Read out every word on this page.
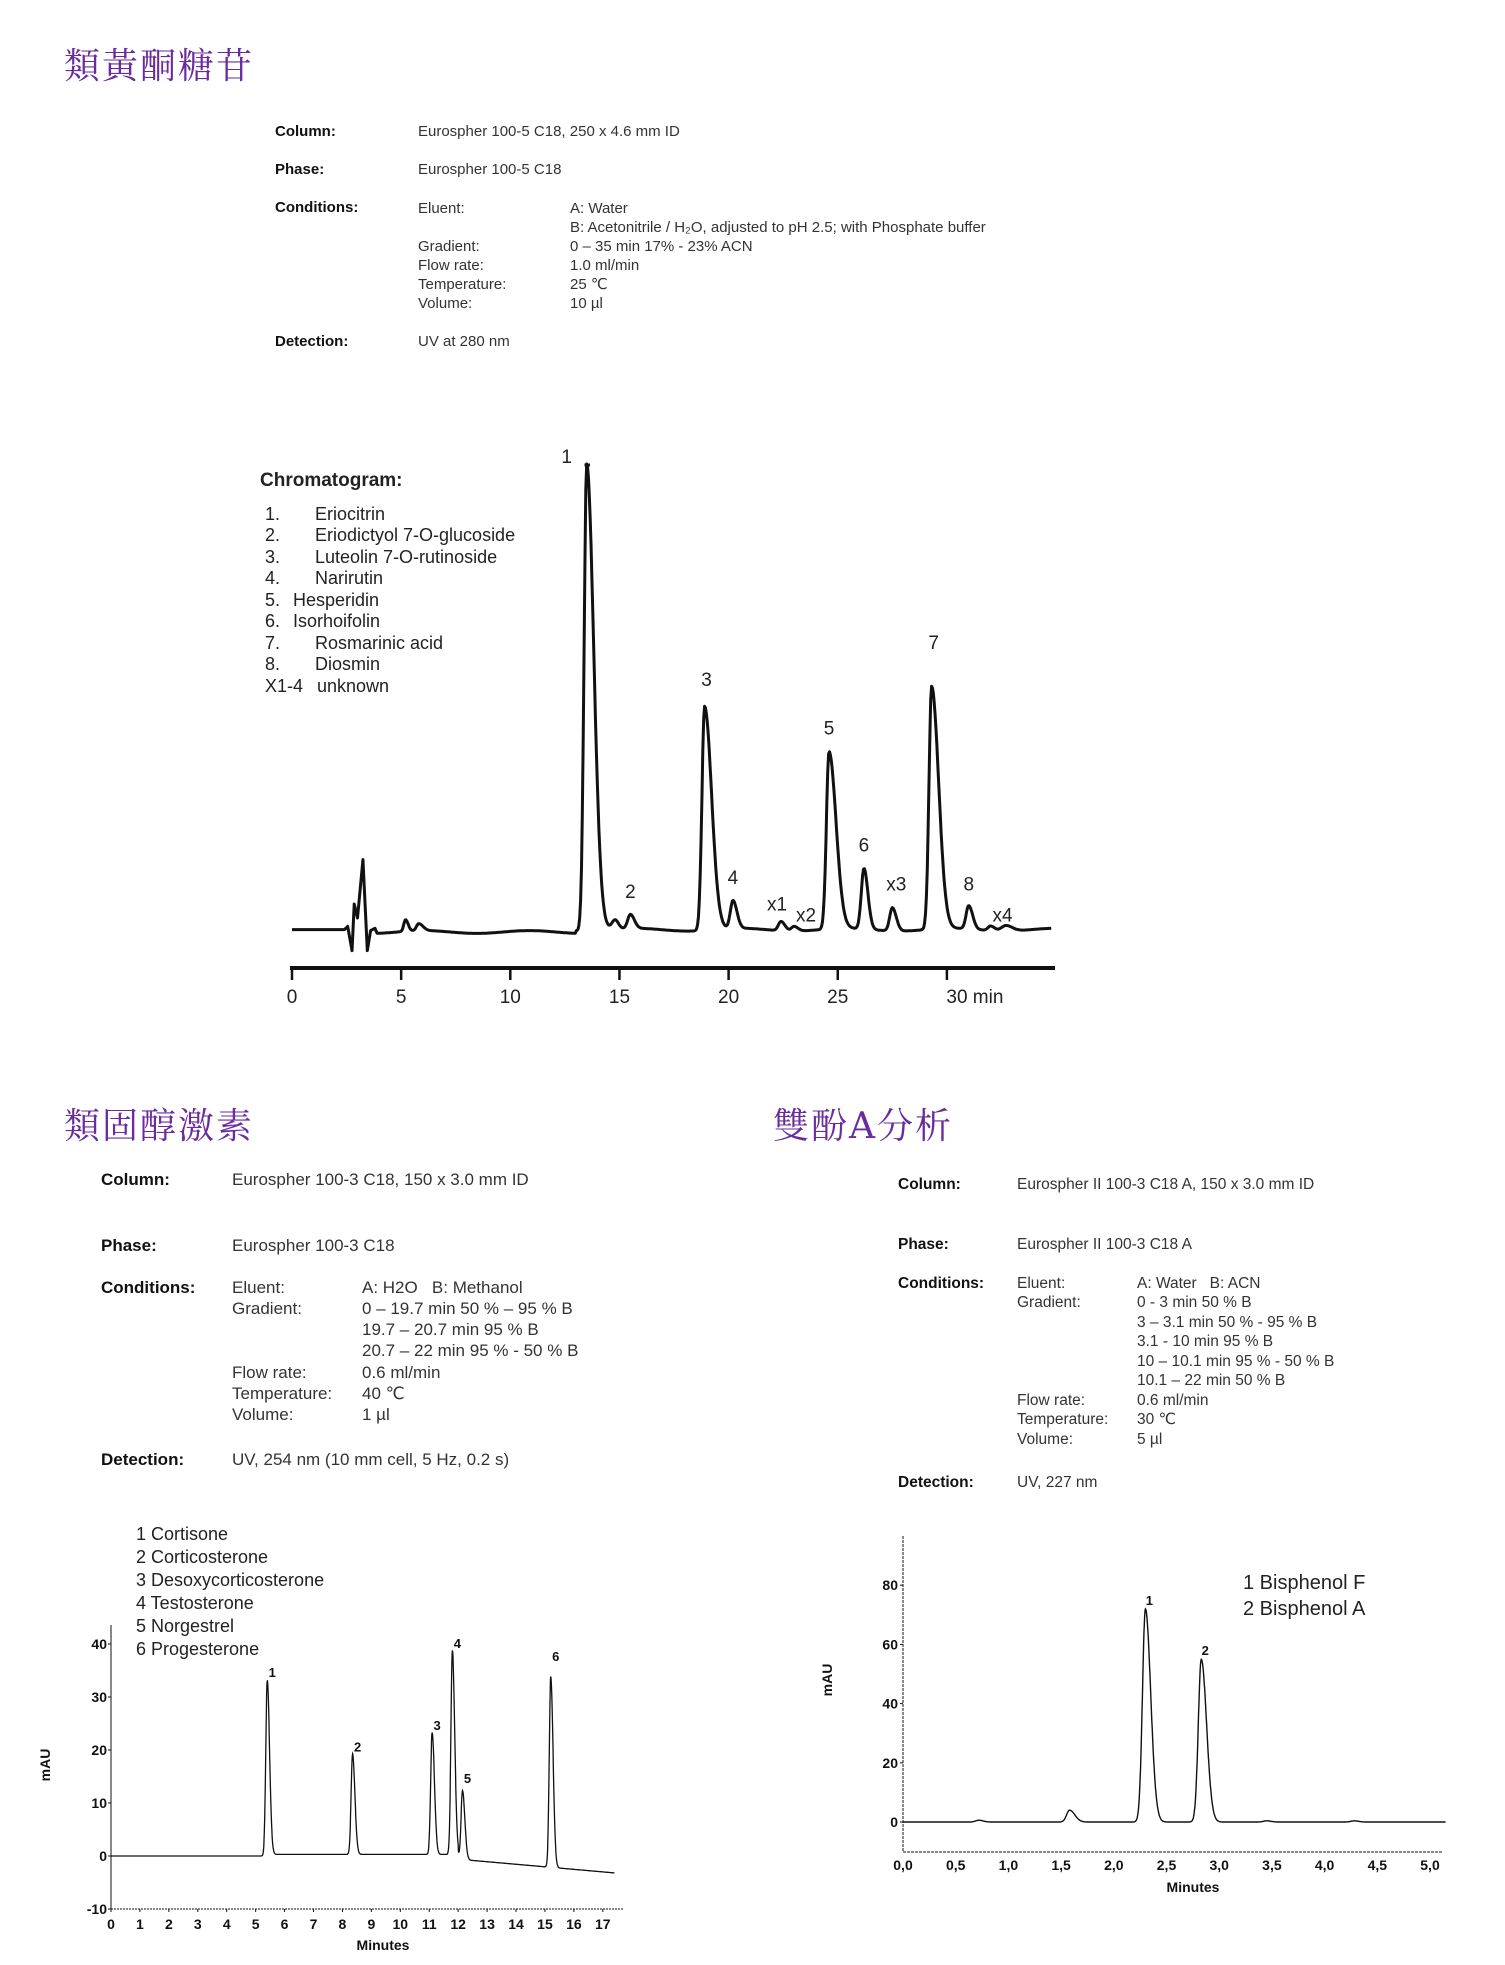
類黃酮糖苷
Column:	Eurospher 100-5 C18, 250 x 4.6 mm ID
Phase:	Eurospher 100-5 C18
Conditions:	Eluent:	A: Water
B: Acetonitrile / H₂O, adjusted to pH 2.5; with Phosphate buffer
Gradient:	0 – 35 min 17% - 23% ACN
Flow rate:	1.0 ml/min
Temperature:	25 ℃
Volume:	10 µl
Detection:	UV at 280 nm
Chromatogram:
1. Eriocitrin
2. Eriodictyol 7-O-glucoside
3. Luteolin 7-O-rutinoside
4. Narirutin
5. Hesperidin
6. Isorhoifolin
7. Rosmarinic acid
8. Diosmin
X1-4 unknown
0	5	10	15	20	25	30 min
1
2
3
4
x1
x2
5
6
x3
7
8
x4
類固醇激素
Column:	Eurospher 100-3 C18, 150 x 3.0 mm ID
Phase:	Eurospher 100-3 C18
Conditions: Eluent:	A: H2O   B: Methanol
Gradient:	0 – 19.7 min 50 % – 95 % B
19.7 – 20.7 min 95 % B
20.7 – 22 min 95 % - 50 % B
Flow rate:	0.6 ml/min
Temperature: 40 ℃
Volume:	1 µl
Detection:	UV, 254 nm (10 mm cell, 5 Hz, 0.2 s)
1 Cortisone
2 Corticosterone
3 Desoxycorticosterone
4 Testosterone
5 Norgestrel
6 Progesterone
-10
0
10
20
30
40
0 1 2 3 4 5 6 7 8 9 10 11 12 13 14 15 16 17
Minutes
mAU
1
2
3
4
5
6
雙酚A分析
Column:	Eurospher II 100-3 C18 A, 150 x 3.0 mm ID
Phase:	Eurospher II 100-3 C18 A
Conditions: Eluent:	A: Water   B: ACN
Gradient:	0 - 3 min 50 % B
3 – 3.1 min 50 % - 95 % B
3.1 - 10 min 95 % B
10 – 10.1 min 95 % - 50 % B
10.1 – 22 min 50 % B
Flow rate:	0.6 ml/min
Temperature: 30 ℃
Volume:	5 µl
Detection:	UV, 227 nm
1 Bisphenol F
2 Bisphenol A
0
20
40
60
80
0,0 0,5 1,0 1,5 2,0 2,5 3,0 3,5 4,0 4,5 5,0
Minutes
mAU
1
2
